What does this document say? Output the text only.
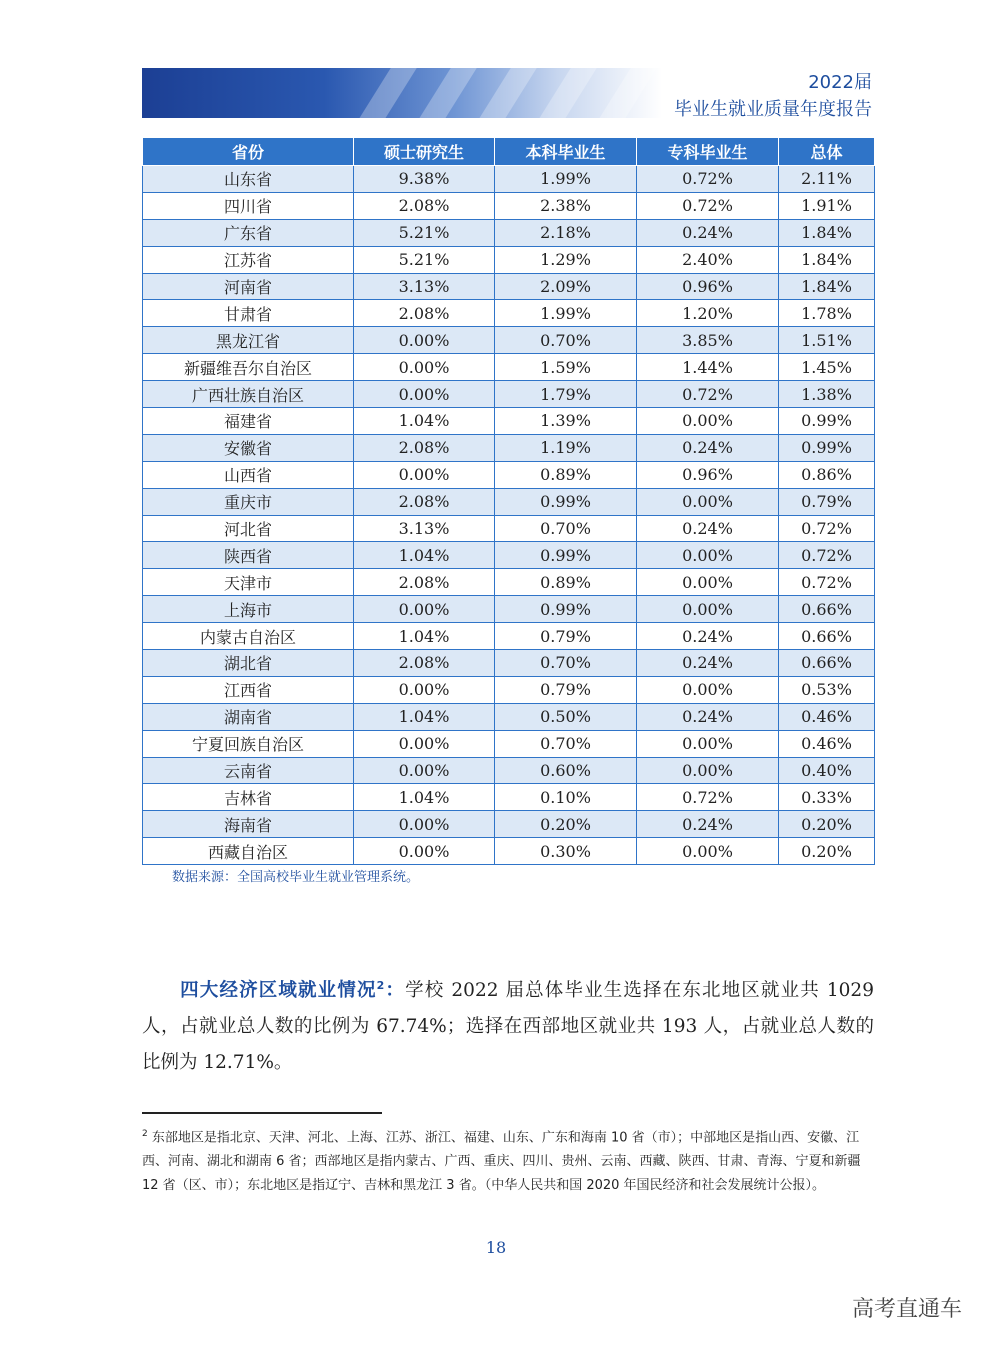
2022届
毕业生就业质量年度报告
省份	硕士研究生	本科毕业生	专科毕业生	总体
山东省	9.38%	1.99%	0.72%	2.11%
四川省	2.08%	2.38%	0.72%	1.91%
广东省	5.21%	2.18%	0.24%	1.84%
江苏省	5.21%	1.29%	2.40%	1.84%
河南省	3.13%	2.09%	0.96%	1.84%
甘肃省	2.08%	1.99%	1.20%	1.78%
黑龙江省	0.00%	0.70%	3.85%	1.51%
新疆维吾尔自治区	0.00%	1.59%	1.44%	1.45%
广西壮族自治区	0.00%	1.79%	0.72%	1.38%
福建省	1.04%	1.39%	0.00%	0.99%
安徽省	2.08%	1.19%	0.24%	0.99%
山西省	0.00%	0.89%	0.96%	0.86%
重庆市	2.08%	0.99%	0.00%	0.79%
河北省	3.13%	0.70%	0.24%	0.72%
陕西省	1.04%	0.99%	0.00%	0.72%
天津市	2.08%	0.89%	0.00%	0.72%
上海市	0.00%	0.99%	0.00%	0.66%
内蒙古自治区	1.04%	0.79%	0.24%	0.66%
湖北省	2.08%	0.70%	0.24%	0.66%
江西省	0.00%	0.79%	0.00%	0.53%
湖南省	1.04%	0.50%	0.24%	0.46%
宁夏回族自治区	0.00%	0.70%	0.00%	0.46%
云南省	0.00%	0.60%	0.00%	0.40%
吉林省	1.04%	0.10%	0.72%	0.33%
海南省	0.00%	0.20%	0.24%	0.20%
西藏自治区	0.00%	0.30%	0.00%	0.20%
数据来源：全国高校毕业生就业管理系统。
  四大经济区域就业情况$^2$：学校 2022 届总体毕业生选择在东北地区就业共 1029 人，占就业总人数的比例为 67.74%；选择在西部地区就业共 193 人，占就业总人数的比例为 12.71%。
$^2$ 东部地区是指北京、天津、河北、上海、江苏、浙江、福建、山东、广东和海南 10 省（市）；中部地区是指山西、安徽、江西、河南、湖北和湖南 6 省；西部地区是指内蒙古、广西、重庆、四川、贵州、云南、西藏、陕西、甘肃、青海、宁夏和新疆 12 省（区、市）；东北地区是指辽宁、吉林和黑龙江 3 省。（中华人民共和国 2020 年国民经济和社会发展统计公报）。
18
高考直通车
